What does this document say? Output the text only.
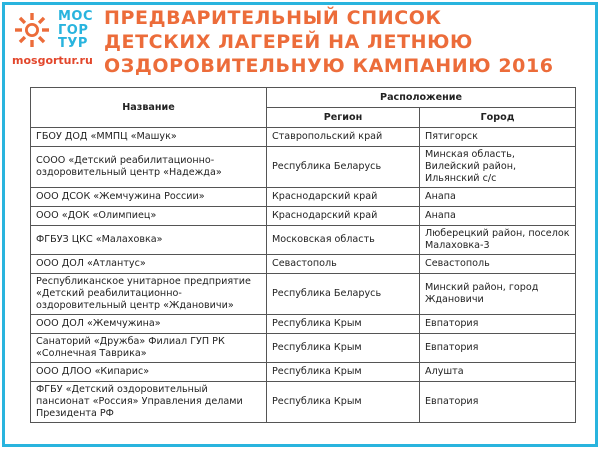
МОС
ГОР
ТУР
mosgortur.ru
ПРЕДВАРИТЕЛЬНЫЙ СПИСОК
ДЕТСКИХ ЛАГЕРЕЙ НА ЛЕТНЮЮ
ОЗДОРОВИТЕЛЬНУЮ КАМПАНИЮ 2016
Название	Расположение	
	Регион	Город
ГБОУ ДОД «ММПЦ «Машук»	Ставропольский край	Пятигорск
СООО «Детский реабилитационно-оздоровительный центр «Надежда»	Республика Беларусь	Минская область, Вилейский район, Ильянский с/с
ООО ДСОК «Жемчужина России»	Краснодарский край	Анапа
ООО «ДОК «Олимпиец»	Краснодарский край	Анапа
ФГБУЗ ЦКС «Малаховка»	Московская область	Люберецкий район, поселок Малаховка-3
ООО ДОЛ «Атлантус»	Севастополь	Севастополь
Республиканское унитарное предприятие «Детский реабилитационно-оздоровительный центр «Ждановичи»	Республика Беларусь	Минский район, город Ждановичи
ООО ДОЛ «Жемчужина»	Республика Крым	Евпатория
Санаторий «Дружба» Филиал ГУП РК «Солнечная Таврика»	Республика Крым	Евпатория
ООО ДЛОО «Кипарис»	Республика Крым	Алушта
ФГБУ «Детский оздоровительный пансионат «Россия» Управления делами Президента РФ	Республика Крым	Евпатория
